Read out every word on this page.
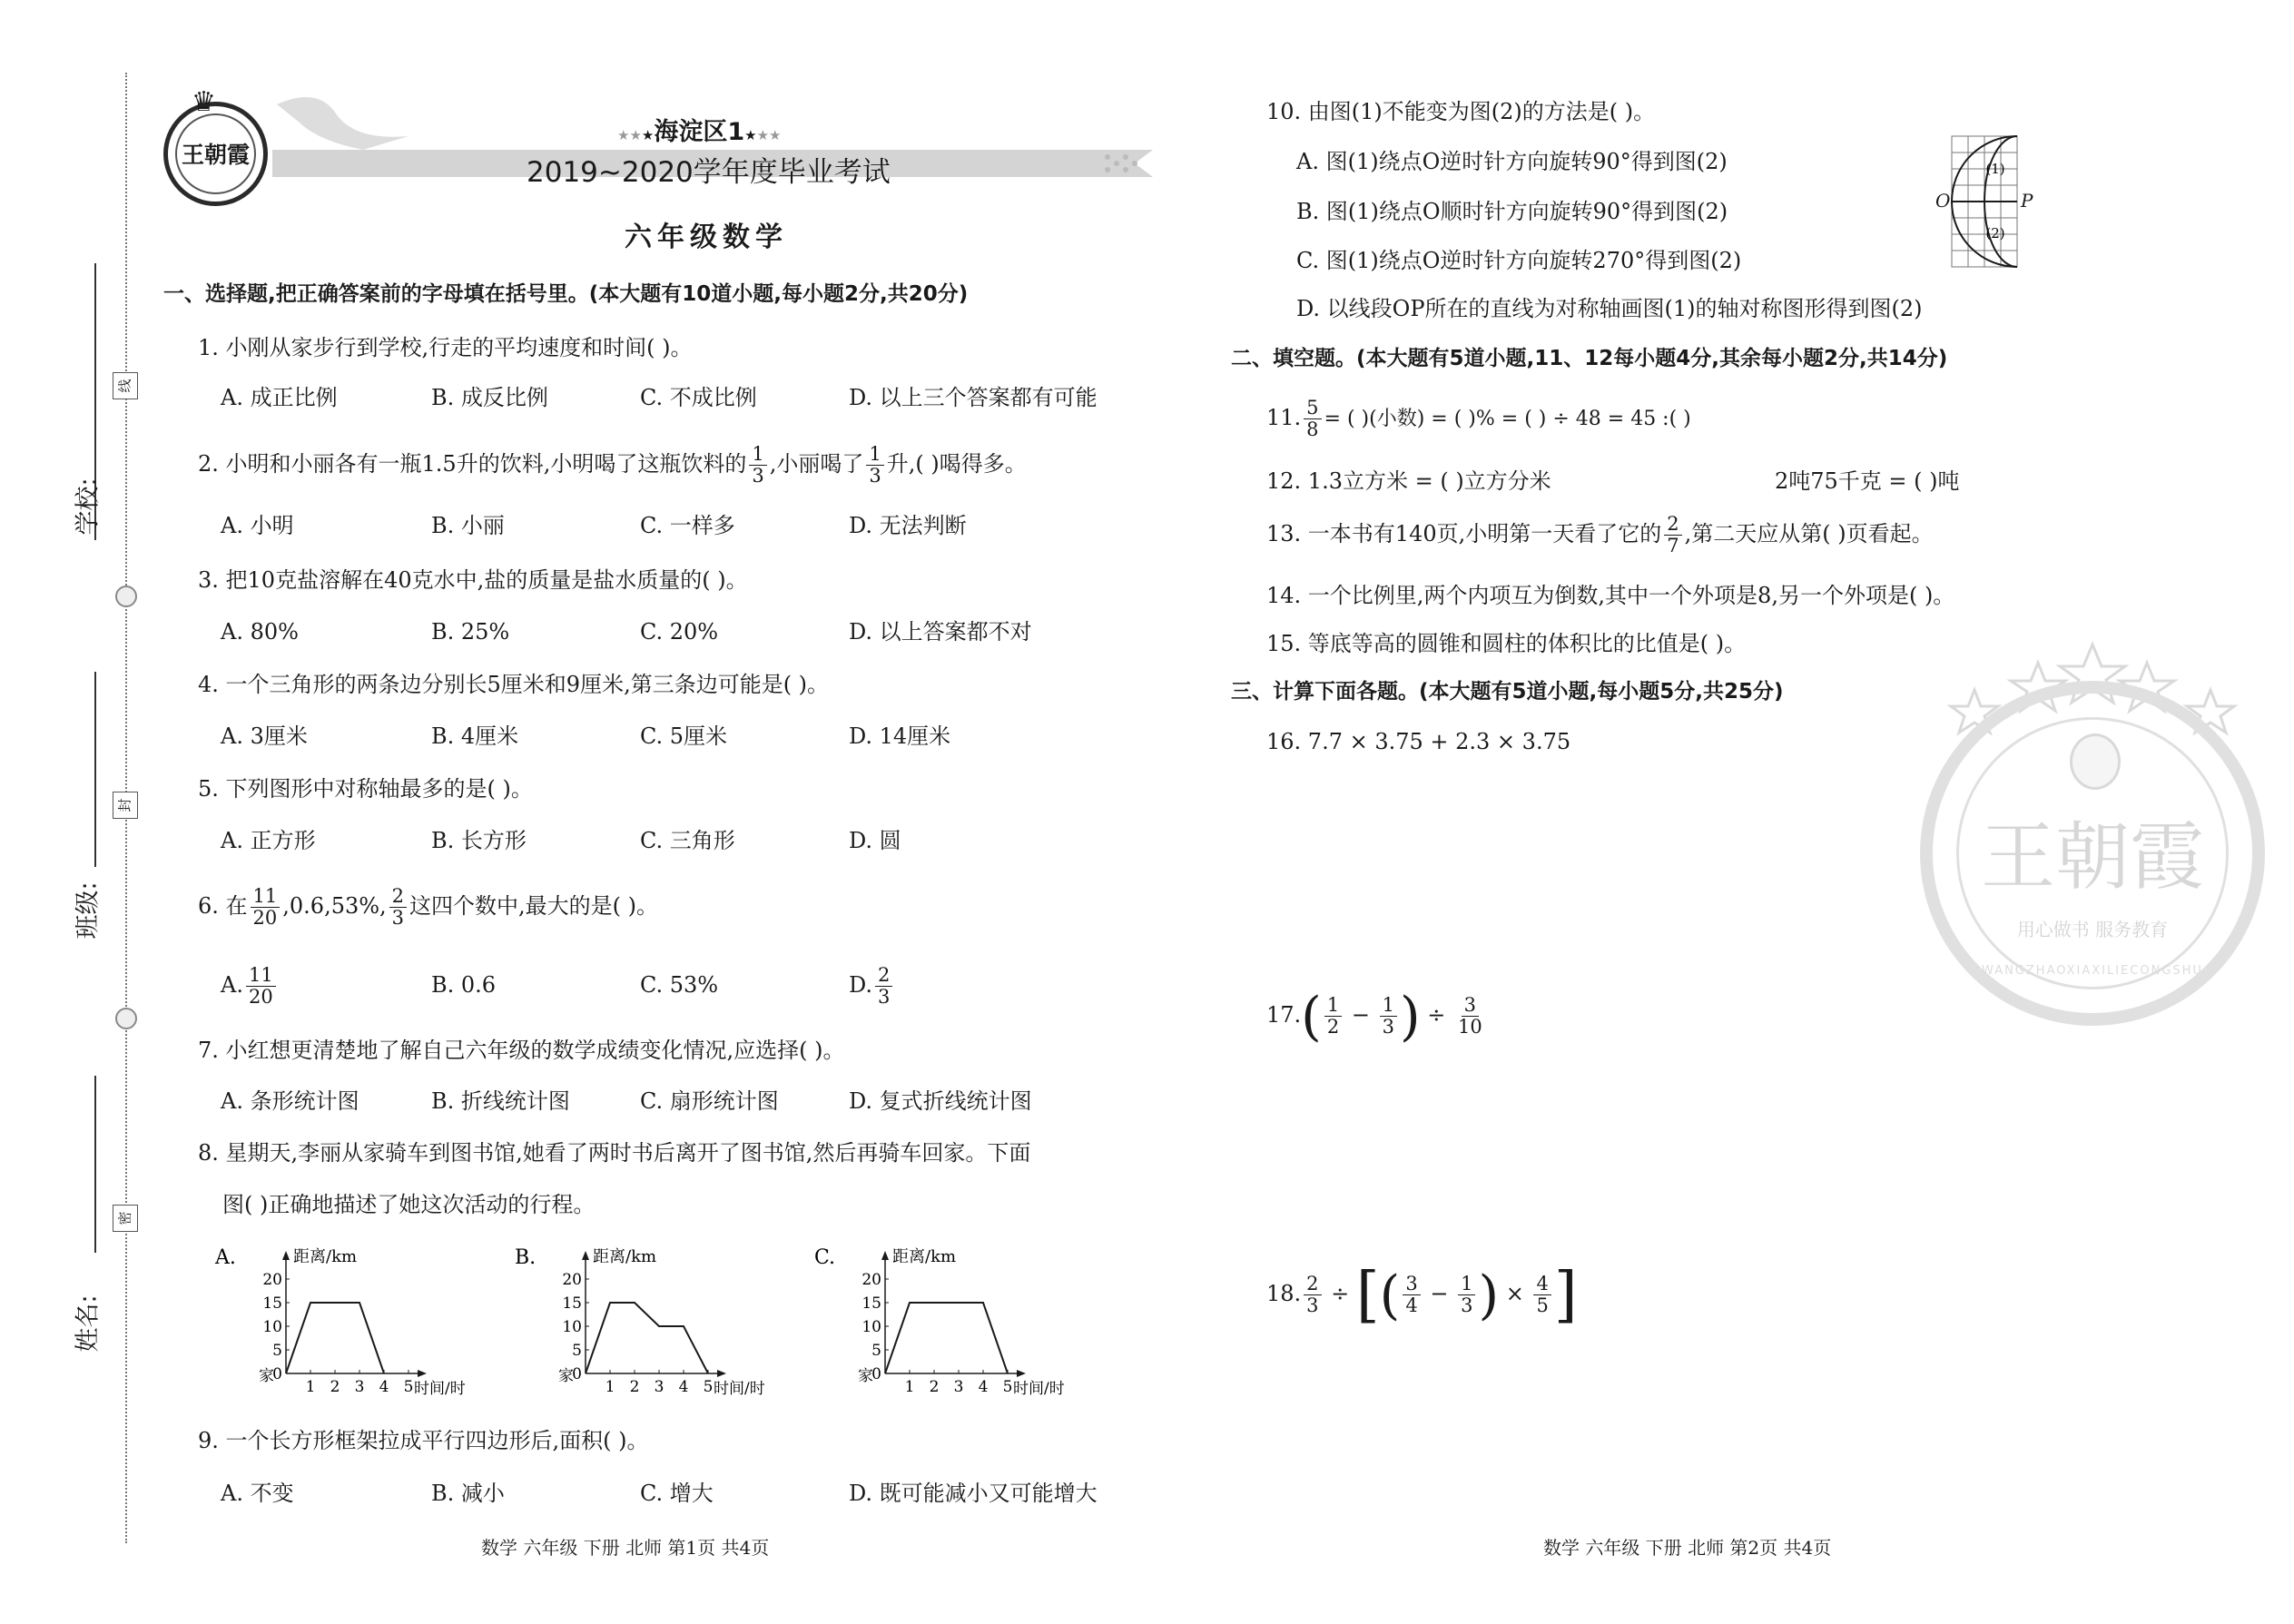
学校:
班级:
姓名:
线
封
密
王朝霞
♛
★★★海淀区1★★★
2019~2020学年度毕业考试
六年级数学
一、选择题,把正确答案前的字母填在括号里。(本大题有10道小题,每小题2分,共20分)
1. 小刚从家步行到学校,行走的平均速度和时间( )。
A. 成正比例	B. 成反比例	C. 不成比例	D. 以上三个答案都有可能
2. 小明和小丽各有一瓶1.5升的饮料,小明喝了这瓶饮料的 $\frac{1}{3}$ ,小丽喝了 $\frac{1}{3}$ 升,( )喝得多。
A. 小明	B. 小丽	C. 一样多	D. 无法判断
3. 把10克盐溶解在40克水中,盐的质量是盐水质量的( )。
A. 80%	B. 25%	C. 20%	D. 以上答案都不对
4. 一个三角形的两条边分别长5厘米和9厘米,第三条边可能是( )。
A. 3厘米	B. 4厘米	C. 5厘米	D. 14厘米
5. 下列图形中对称轴最多的是( )。
A. 正方形	B. 长方形	C. 三角形	D. 圆
6. 在 $\frac{11}{20} ,0.6,53\%$, $\frac{2}{3}$ 这四个数中,最大的是( )。
A. $\frac{11}{20}$	B. 0.6	C. 53%	D. $\frac{2}{3}$
7. 小红想更清楚地了解自己六年级的数学成绩变化情况,应选择( )。
A. 条形统计图	B. 折线统计图	C. 扇形统计图	D. 复式折线统计图
8. 星期天,李丽从家骑车到图书馆,她看了两时书后离开了图书馆,然后再骑车回家。下面
图( )正确地描述了她这次活动的行程。
A.	距离/km
时间/时
家
0
5
10
15
20
1 2 3 4 5
B.	距离/km
时间/时
家
0
5
10
15
20
1 2 3 4 5
C.	距离/km
时间/时
家
0
5
10
15
20
1 2 3 4 5
9. 一个长方形框架拉成平行四边形后,面积( )。
A. 不变	B. 减小	C. 增大	D. 既可能减小又可能增大
数学 六年级 下册 北师 第1页 共4页
10. 由图(1)不能变为图(2)的方法是( )。
A. 图(1)绕点O逆时针方向旋转90°得到图(2)
B. 图(1)绕点O顺时针方向旋转90°得到图(2)
C. 图(1)绕点O逆时针方向旋转270°得到图(2)
D. 以线段OP所在的直线为对称轴画图(1)的轴对称图形得到图(2)
(1)
(2)
O	P
二、填空题。(本大题有5道小题,11、12每小题4分,其余每小题2分,共14分)
11. $\frac{5}{8}$ = ( )(小数) = ( )% = ( ) ÷ 48 = 45 :( )
12. 1.3立方米 = ( )立方分米	2吨75千克 = ( )吨
13. 一本书有140页,小明第一天看了它的 $\frac{2}{7}$ ,第二天应从第( )页看起。
14. 一个比例里,两个内项互为倒数,其中一个外项是8,另一个外项是( )。
15. 等底等高的圆锥和圆柱的体积比的比值是( )。
三、计算下面各题。(本大题有5道小题,每小题5分,共25分)
16. 7.7 × 3.75 + 2.3 × 3.75
$17.( \frac{1}{2} - \frac{1}{3}$ ) ÷ $\frac{3}{10}$
18. $\frac{2}{3}$ ÷ [( $\frac{3}{4} - \frac{1}{3}$ ) × $\frac{4}{5}$ ]
王朝霞
用心做书 服务教育
WANGZHAOXIAXILIECONGSHU
数学 六年级 下册 北师 第2页 共4页
